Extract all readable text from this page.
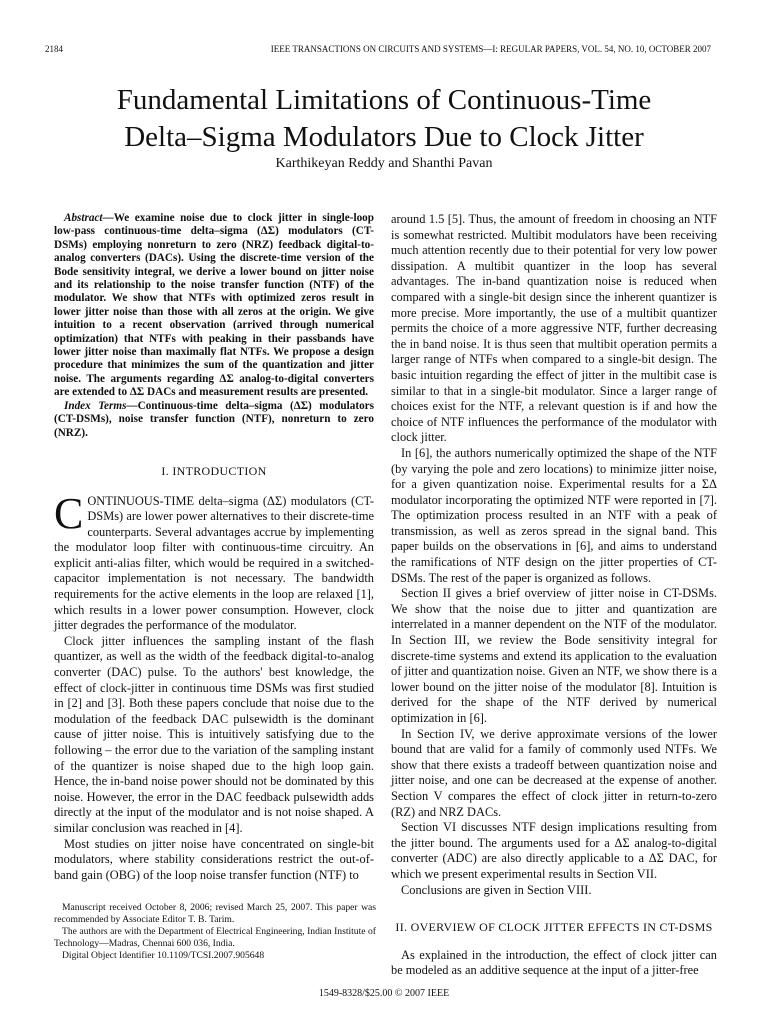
2184	IEEE TRANSACTIONS ON CIRCUITS AND SYSTEMS—I: REGULAR PAPERS, VOL. 54, NO. 10, OCTOBER 2007
Fundamental Limitations of Continuous-Time
Delta–Sigma Modulators Due to Clock Jitter
Karthikeyan Reddy and Shanthi Pavan

Abstract—We examine noise due to clock jitter in single-loop low-pass continuous-time delta–sigma (ΔΣ) modulators (CT-DSMs) employing nonreturn to zero (NRZ) feedback digital-to-analog converters (DACs). Using the discrete-time version of the Bode sensitivity integral, we derive a lower bound on jitter noise and its relationship to the noise transfer function (NTF) of the modulator. We show that NTFs with optimized zeros result in lower jitter noise than those with all zeros at the origin. We give intuition to a recent observation (arrived through numerical optimization) that NTFs with peaking in their passbands have lower jitter noise than maximally flat NTFs. We propose a design procedure that minimizes the sum of the quantization and jitter noise. The arguments regarding ΔΣ analog-to-digital converters are extended to ΔΣ DACs and measurement results are presented.

Index Terms—Continuous-time delta–sigma (ΔΣ) modulators (CT-DSMs), noise transfer function (NTF), nonreturn to zero (NRZ).

I. INTRODUCTION

CONTINUOUS-TIME delta–sigma (ΔΣ) modulators (CT-DSMs) are lower power alternatives to their discrete-time counterparts. Several advantages accrue by implementing the modulator loop filter with continuous-time circuitry. An explicit anti-alias filter, which would be required in a switched-capacitor implementation is not necessary. The bandwidth requirements for the active elements in the loop are relaxed [1], which results in a lower power consumption. However, clock jitter degrades the performance of the modulator.

Clock jitter influences the sampling instant of the flash quantizer, as well as the width of the feedback digital-to-analog converter (DAC) pulse. To the authors' best knowledge, the effect of clock-jitter in continuous time DSMs was first studied in [2] and [3]. Both these papers conclude that noise due to the modulation of the feedback DAC pulsewidth is the dominant cause of jitter noise. This is intuitively satisfying due to the following – the error due to the variation of the sampling instant of the quantizer is noise shaped due to the high loop gain. Hence, the in-band noise power should not be dominated by this noise. However, the error in the DAC feedback pulsewidth adds directly at the input of the modulator and is not noise shaped. A similar conclusion was reached in [4].

Most studies on jitter noise have concentrated on single-bit modulators, where stability considerations restrict the out-of-band gain (OBG) of the loop noise transfer function (NTF) to

Manuscript received October 8, 2006; revised March 25, 2007. This paper was recommended by Associate Editor T. B. Tarim.

The authors are with the Department of Electrical Engineering, Indian Institute of Technology—Madras, Chennai 600 036, India.

Digital Object Identifier 10.1109/TCSI.2007.905648

around 1.5 [5]. Thus, the amount of freedom in choosing an NTF is somewhat restricted. Multibit modulators have been receiving much attention recently due to their potential for very low power dissipation. A multibit quantizer in the loop has several advantages. The in-band quantization noise is reduced when compared with a single-bit design since the inherent quantizer is more precise. More importantly, the use of a multibit quantizer permits the choice of a more aggressive NTF, further decreasing the in band noise. It is thus seen that multibit operation permits a larger range of NTFs when compared to a single-bit design. The basic intuition regarding the effect of jitter in the multibit case is similar to that in a single-bit modulator. Since a larger range of choices exist for the NTF, a relevant question is if and how the choice of NTF influences the performance of the modulator with clock jitter.

In [6], the authors numerically optimized the shape of the NTF (by varying the pole and zero locations) to minimize jitter noise, for a given quantization noise. Experimental results for a ΣΔ modulator incorporating the optimized NTF were reported in [7]. The optimization process resulted in an NTF with a peak of transmission, as well as zeros spread in the signal band. This paper builds on the observations in [6], and aims to understand the ramifications of NTF design on the jitter properties of CT-DSMs. The rest of the paper is organized as follows.

Section II gives a brief overview of jitter noise in CT-DSMs. We show that the noise due to jitter and quantization are interrelated in a manner dependent on the NTF of the modulator. In Section III, we review the Bode sensitivity integral for discrete-time systems and extend its application to the evaluation of jitter and quantization noise. Given an NTF, we show there is a lower bound on the jitter noise of the modulator [8]. Intuition is derived for the shape of the NTF derived by numerical optimization in [6].

In Section IV, we derive approximate versions of the lower bound that are valid for a family of commonly used NTFs. We show that there exists a tradeoff between quantization noise and jitter noise, and one can be decreased at the expense of another. Section V compares the effect of clock jitter in return-to-zero (RZ) and NRZ DACs.

Section VI discusses NTF design implications resulting from the jitter bound. The arguments used for a ΔΣ analog-to-digital converter (ADC) are also directly applicable to a ΔΣ DAC, for which we present experimental results in Section VII.

Conclusions are given in Section VIII.

II. OVERVIEW OF CLOCK JITTER EFFECTS IN CT-DSMS

As explained in the introduction, the effect of clock jitter can be modeled as an additive sequence at the input of a jitter-free

1549-8328/$25.00 © 2007 IEEE
